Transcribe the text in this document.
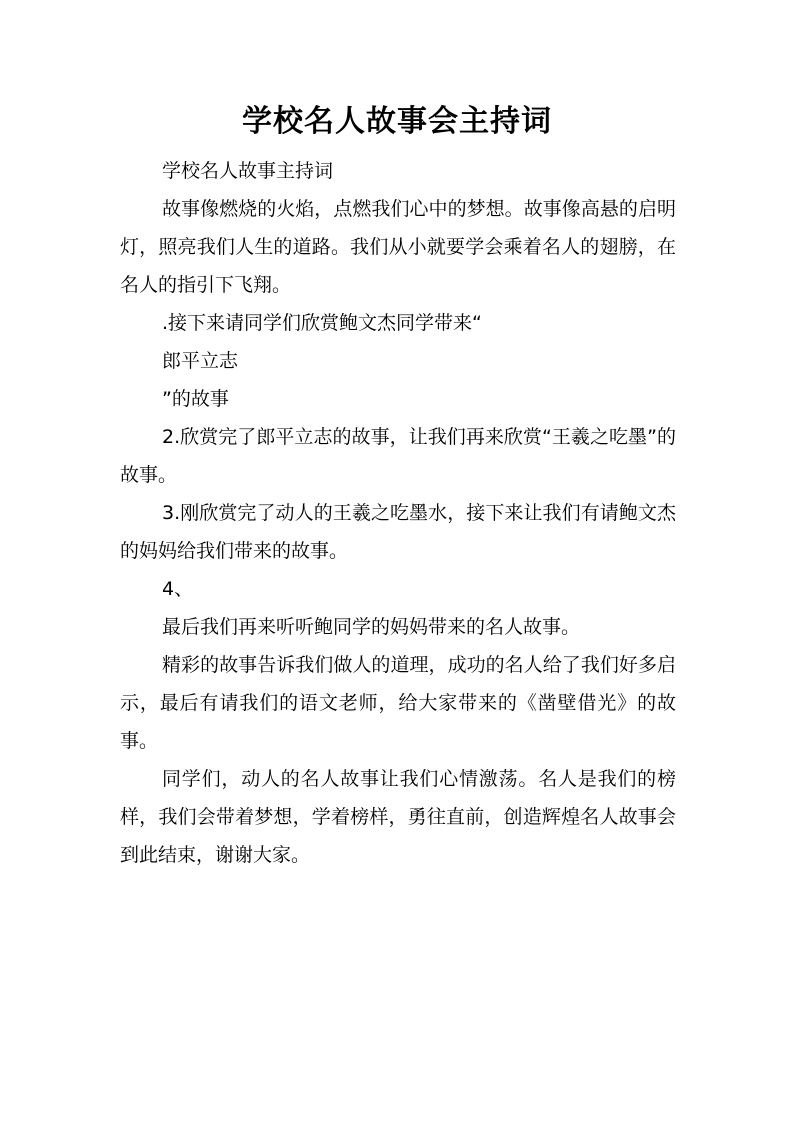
学校名人故事会主持词

学校名人故事主持词

故事像燃烧的火焰，点燃我们心中的梦想。故事像高悬的启明灯，照亮我们人生的道路。我们从小就要学会乘着名人的翅膀，在名人的指引下飞翔。

.接下来请同学们欣赏鲍文杰同学带来“

郎平立志

”的故事

2.欣赏完了郎平立志的故事，让我们再来欣赏“王羲之吃墨”的故事。

3.刚欣赏完了动人的王羲之吃墨水，接下来让我们有请鲍文杰的妈妈给我们带来的故事。

4、

最后我们再来听听鲍同学的妈妈带来的名人故事。

精彩的故事告诉我们做人的道理，成功的名人给了我们好多启示，最后有请我们的语文老师，给大家带来的《凿壁借光》的故事。

同学们，动人的名人故事让我们心情激荡。名人是我们的榜样，我们会带着梦想，学着榜样，勇往直前，创造辉煌名人故事会到此结束，谢谢大家。
